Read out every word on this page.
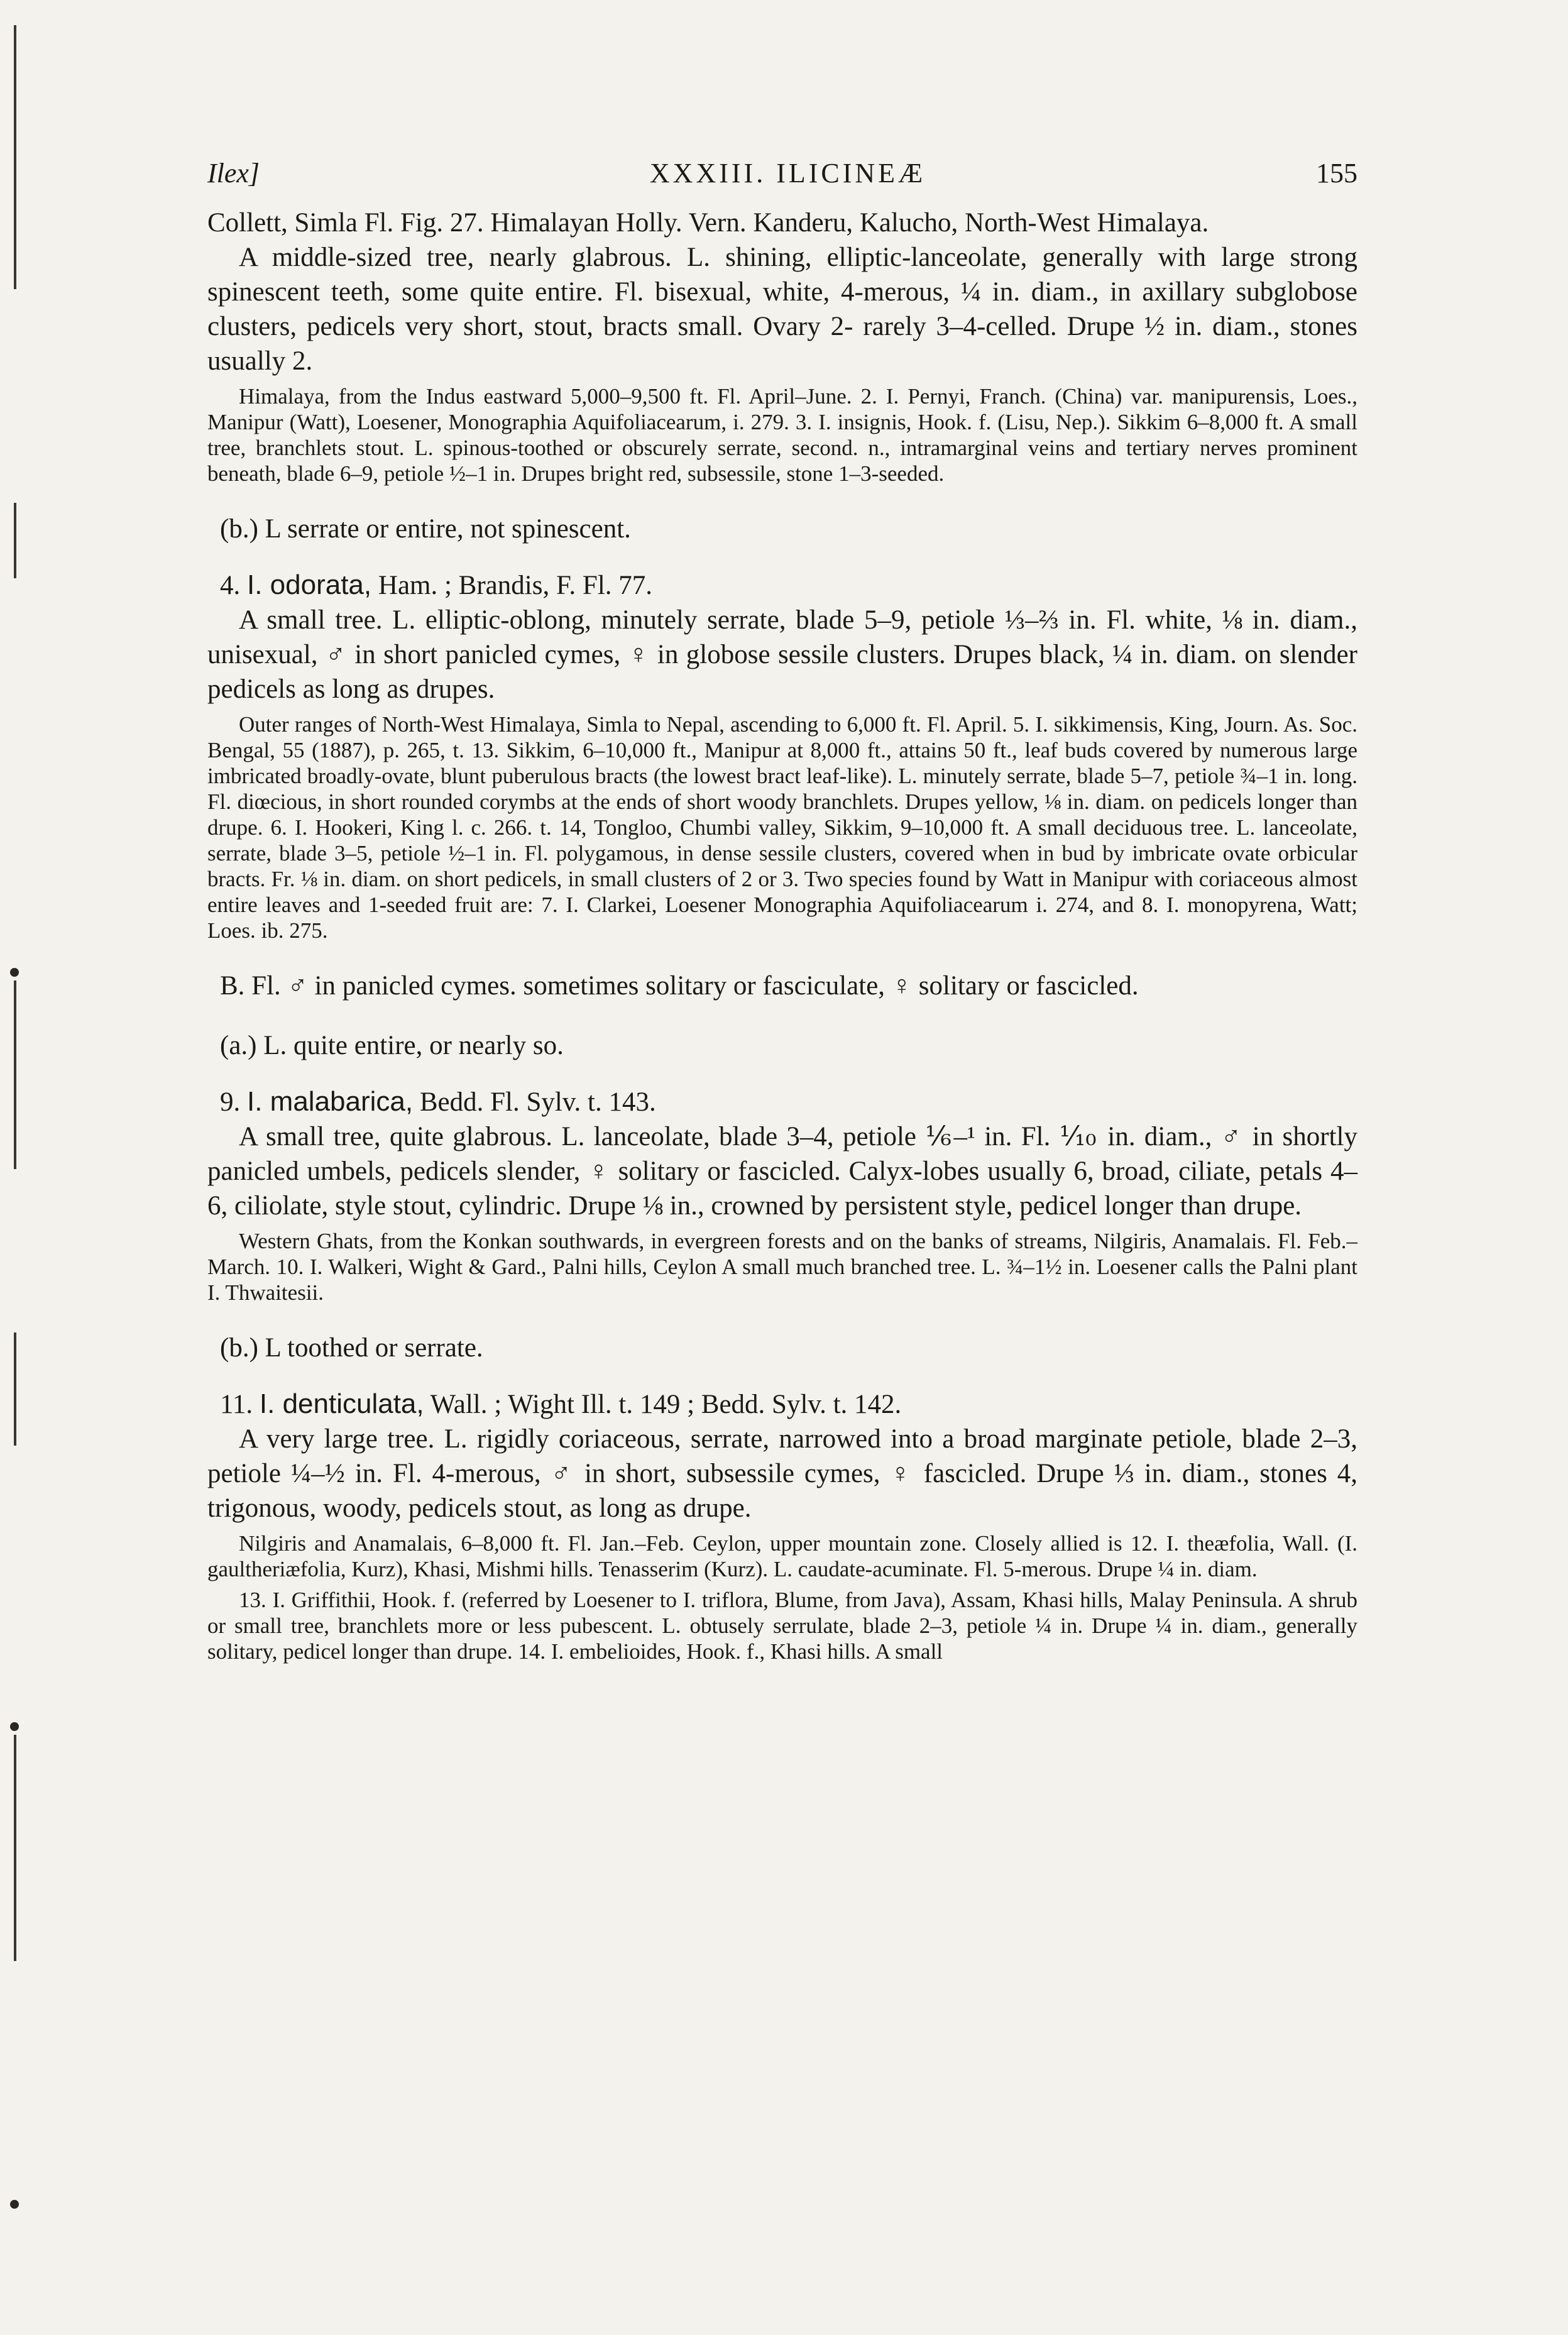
Ilex]	XXXIII. ILICINEÆ	155

Collett, Simla Fl. Fig. 27. Himalayan Holly. Vern. Kanderu, Kalucho, North-West Himalaya.

A middle-sized tree, nearly glabrous. L. shining, elliptic-lanceolate, generally with large strong spinescent teeth, some quite entire. Fl. bisexual, white, 4-merous, ¼ in. diam., in axillary subglobose clusters, pedicels very short, stout, bracts small. Ovary 2- rarely 3–4-celled. Drupe ½ in. diam., stones usually 2.

Himalaya, from the Indus eastward 5,000–9,500 ft. Fl. April–June. 2. I. Pernyi, Franch. (China) var. manipurensis, Loes., Manipur (Watt), Loesener, Monographia Aquifoliacearum, i. 279. 3. I. insignis, Hook. f. (Lisu, Nep.). Sikkim 6–8,000 ft. A small tree, branchlets stout. L. spinous-toothed or obscurely serrate, second. n., intramarginal veins and tertiary nerves prominent beneath, blade 6–9, petiole ½–1 in. Drupes bright red, subsessile, stone 1–3-seeded.

(b.) L serrate or entire, not spinescent.

4. I. odorata, Ham. ; Brandis, F. Fl. 77.

A small tree. L. elliptic-oblong, minutely serrate, blade 5–9, petiole ⅓–⅔ in. Fl. white, ⅛ in. diam., unisexual, ♂ in short panicled cymes, ♀ in globose sessile clusters. Drupes black, ¼ in. diam. on slender pedicels as long as drupes.

Outer ranges of North-West Himalaya, Simla to Nepal, ascending to 6,000 ft. Fl. April. 5. I. sikkimensis, King, Journ. As. Soc. Bengal, 55 (1887), p. 265, t. 13. Sikkim, 6–10,000 ft., Manipur at 8,000 ft., attains 50 ft., leaf buds covered by numerous large imbricated broadly-ovate, blunt puberulous bracts (the lowest bract leaf-like). L. minutely serrate, blade 5–7, petiole ¾–1 in. long. Fl. diœcious, in short rounded corymbs at the ends of short woody branchlets. Drupes yellow, ⅛ in. diam. on pedicels longer than drupe. 6. I. Hookeri, King l. c. 266. t. 14, Tongloo, Chumbi valley, Sikkim, 9–10,000 ft. A small deciduous tree. L. lanceolate, serrate, blade 3–5, petiole ½–1 in. Fl. polygamous, in dense sessile clusters, covered when in bud by imbricate ovate orbicular bracts. Fr. ⅛ in. diam. on short pedicels, in small clusters of 2 or 3. Two species found by Watt in Manipur with coriaceous almost entire leaves and 1-seeded fruit are: 7. I. Clarkei, Loesener Monographia Aquifoliacearum i. 274, and 8. I. monopyrena, Watt; Loes. ib. 275.

B. Fl. ♂ in panicled cymes. sometimes solitary or fasciculate, ♀ solitary or fascicled.

(a.) L. quite entire, or nearly so.

9. I. malabarica, Bedd. Fl. Sylv. t. 143.

A small tree, quite glabrous. L. lanceolate, blade 3–4, petiole ⅙–¹ in. Fl. ⅒ in. diam., ♂ in shortly panicled umbels, pedicels slender, ♀ solitary or fascicled. Calyx-lobes usually 6, broad, ciliate, petals 4–6, ciliolate, style stout, cylindric. Drupe ⅛ in., crowned by persistent style, pedicel longer than drupe.

Western Ghats, from the Konkan southwards, in evergreen forests and on the banks of streams, Nilgiris, Anamalais. Fl. Feb.–March. 10. I. Walkeri, Wight & Gard., Palni hills, Ceylon A small much branched tree. L. ¾–1½ in. Loesener calls the Palni plant I. Thwaitesii.

(b.) L toothed or serrate.

11. I. denticulata, Wall. ; Wight Ill. t. 149 ; Bedd. Sylv. t. 142.

A very large tree. L. rigidly coriaceous, serrate, narrowed into a broad marginate petiole, blade 2–3, petiole ¼–½ in. Fl. 4-merous, ♂ in short, subsessile cymes, ♀ fascicled. Drupe ⅓ in. diam., stones 4, trigonous, woody, pedicels stout, as long as drupe.

Nilgiris and Anamalais, 6–8,000 ft. Fl. Jan.–Feb. Ceylon, upper mountain zone. Closely allied is 12. I. theæfolia, Wall. (I. gaultheriæfolia, Kurz), Khasi, Mishmi hills. Tenasserim (Kurz). L. caudate-acuminate. Fl. 5-merous. Drupe ¼ in. diam.

13. I. Griffithii, Hook. f. (referred by Loesener to I. triflora, Blume, from Java), Assam, Khasi hills, Malay Peninsula. A shrub or small tree, branchlets more or less pubescent. L. obtusely serrulate, blade 2–3, petiole ¼ in. Drupe ¼ in. diam., generally solitary, pedicel longer than drupe. 14. I. embelioides, Hook. f., Khasi hills. A small
